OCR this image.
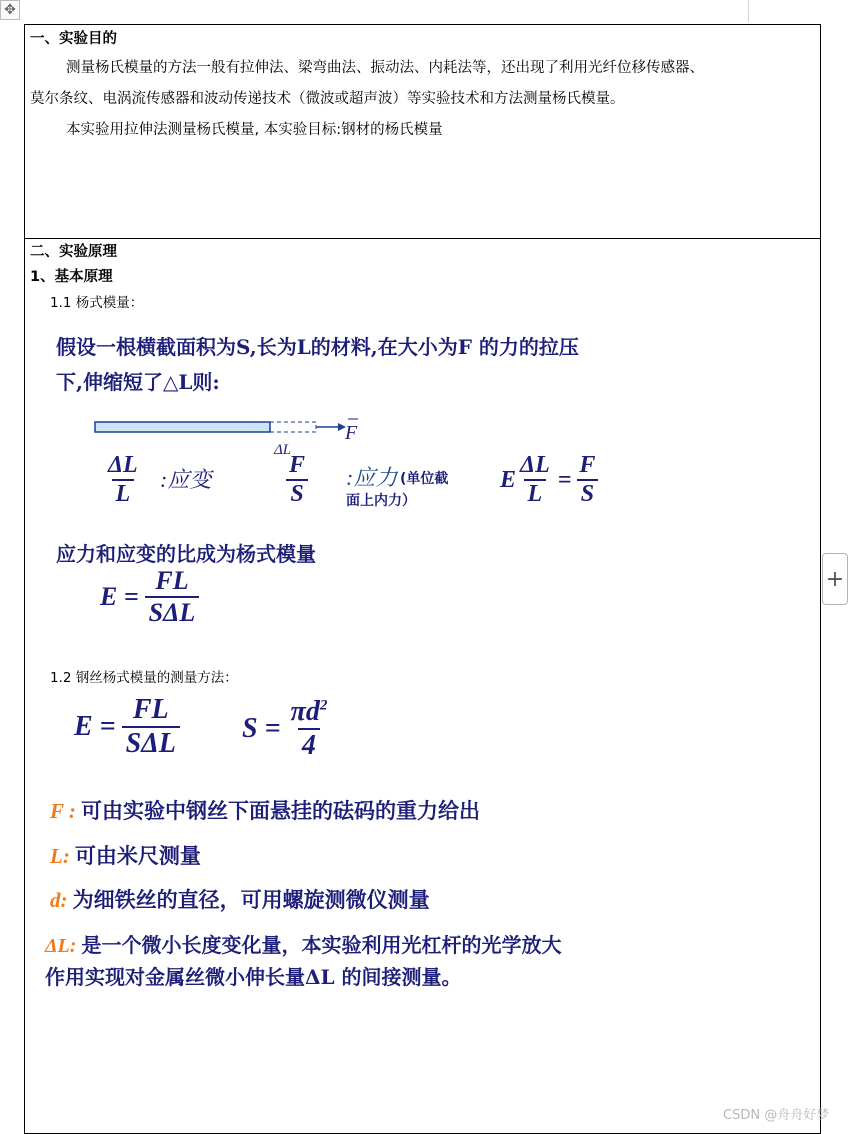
✥
+
一、实验目的
测量杨氏模量的方法一般有拉伸法、梁弯曲法、振动法、内耗法等，还出现了利用光纤位移传感器、
莫尔条纹、电涡流传感器和波动传递技术（微波或超声波）等实验技术和方法测量杨氏模量。
本实验用拉伸法测量杨氏模量, 本实验目标:钢材的杨氏模量
二、实验原理
1、基本原理
1.1 杨式模量：
假设一根横截面积为S,长为L的材料,在大小为F 的力的拉压
下,伸缩短了△L则:
F
ΔL
$\frac{\Delta L}{L}$ :应变	$\frac{F}{S}$ :应力 (单位截
面上内力）
E $\frac{\Delta L}{L} = \frac{F}{S}$
应力和应变的比成为杨式模量
$E = \frac{FL}{\text{SΔL}}$
1.2 钢丝杨式模量的测量方法：
$E = \frac{FL}{\text{SΔL}}$ $S = \frac{\pi d^2}{4}$
F : 可由实验中钢丝下面悬挂的砝码的重力给出
L: 可由米尺测量
d: 为细铁丝的直径，可用螺旋测微仪测量
ΔL: 是一个微小长度变化量，本实验利用光杠杆的光学放大
作用实现对金属丝微小伸长量ΔL 的间接测量。
CSDN @舟舟好梦
